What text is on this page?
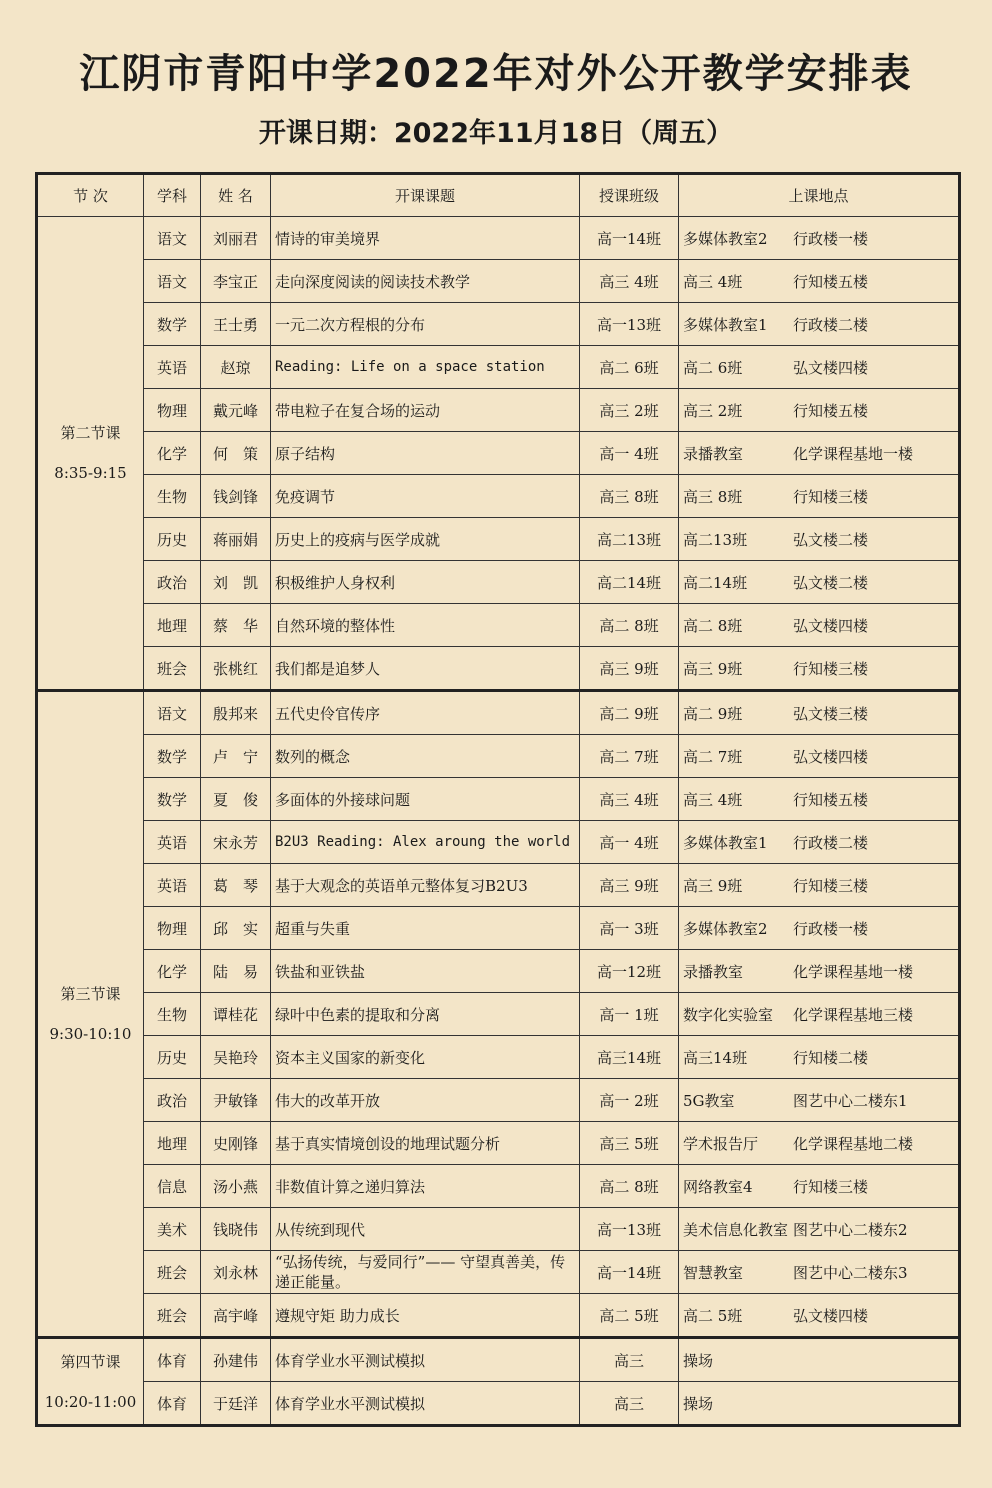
江阴市青阳中学2022年对外公开教学安排表
开课日期：2022年11月18日（周五）
节 次	学科	姓 名	开课课题	授课班级	上课地点

第二节课
8:35-9:15	语文	刘丽君	情诗的审美境界	高一14班	多媒体教室2 行政楼一楼
	语文	李宝正	走向深度阅读的阅读技术教学	高三 4班	高三 4班 行知楼五楼
	数学	王士勇	一元二次方程根的分布	高一13班	多媒体教室1 行政楼二楼
	英语	赵琼	Reading: Life on a space station	高二 6班	高二 6班 弘文楼四楼
	物理	戴元峰	带电粒子在复合场的运动	高三 2班	高三 2班 行知楼五楼
	化学	何　策	原子结构	高一 4班	录播教室 化学课程基地一楼
	生物	钱剑锋	免疫调节	高三 8班	高三 8班 行知楼三楼
	历史	蒋丽娟	历史上的疫病与医学成就	高二13班	高二13班 弘文楼二楼
	政治	刘　凯	积极维护人身权利	高二14班	高二14班 弘文楼二楼
	地理	蔡　华	自然环境的整体性	高二 8班	高二 8班 弘文楼四楼
	班会	张桃红	我们都是追梦人	高三 9班	高三 9班 行知楼三楼

第三节课
9:30-10:10	语文	殷邦来	五代史伶官传序	高二 9班	高二 9班 弘文楼三楼
	数学	卢　宁	数列的概念	高二 7班	高二 7班 弘文楼四楼
	数学	夏　俊	多面体的外接球问题	高三 4班	高三 4班 行知楼五楼
	英语	宋永芳	B2U3 Reading: Alex aroung the world	高一 4班	多媒体教室1 行政楼二楼
	英语	葛　琴	基于大观念的英语单元整体复习B2U3	高三 9班	高三 9班 行知楼三楼
	物理	邱　实	超重与失重	高一 3班	多媒体教室2 行政楼一楼
	化学	陆　易	铁盐和亚铁盐	高一12班	录播教室 化学课程基地一楼
	生物	谭桂花	绿叶中色素的提取和分离	高一 1班	数字化实验室 化学课程基地三楼
	历史	吴艳玲	资本主义国家的新变化	高三14班	高三14班 行知楼二楼
	政治	尹敏锋	伟大的改革开放	高一 2班	5G教室 图艺中心二楼东1
	地理	史刚锋	基于真实情境创设的地理试题分析	高三 5班	学术报告厅 化学课程基地二楼
	信息	汤小燕	非数值计算之递归算法	高二 8班	网络教室4 行知楼三楼
	美术	钱晓伟	从传统到现代	高一13班	美术信息化教室 图艺中心二楼东2
	班会	刘永林	“弘扬传统，与爱同行”—— 守望真善美，传递正能量。	高一14班	智慧教室 图艺中心二楼东3
	班会	高宇峰	遵规守矩 助力成长	高二 5班	高二 5班 弘文楼四楼

第四节课
10:20-11:00	体育	孙建伟	体育学业水平测试模拟	高三	操场
	体育	于廷洋	体育学业水平测试模拟	高三	操场
